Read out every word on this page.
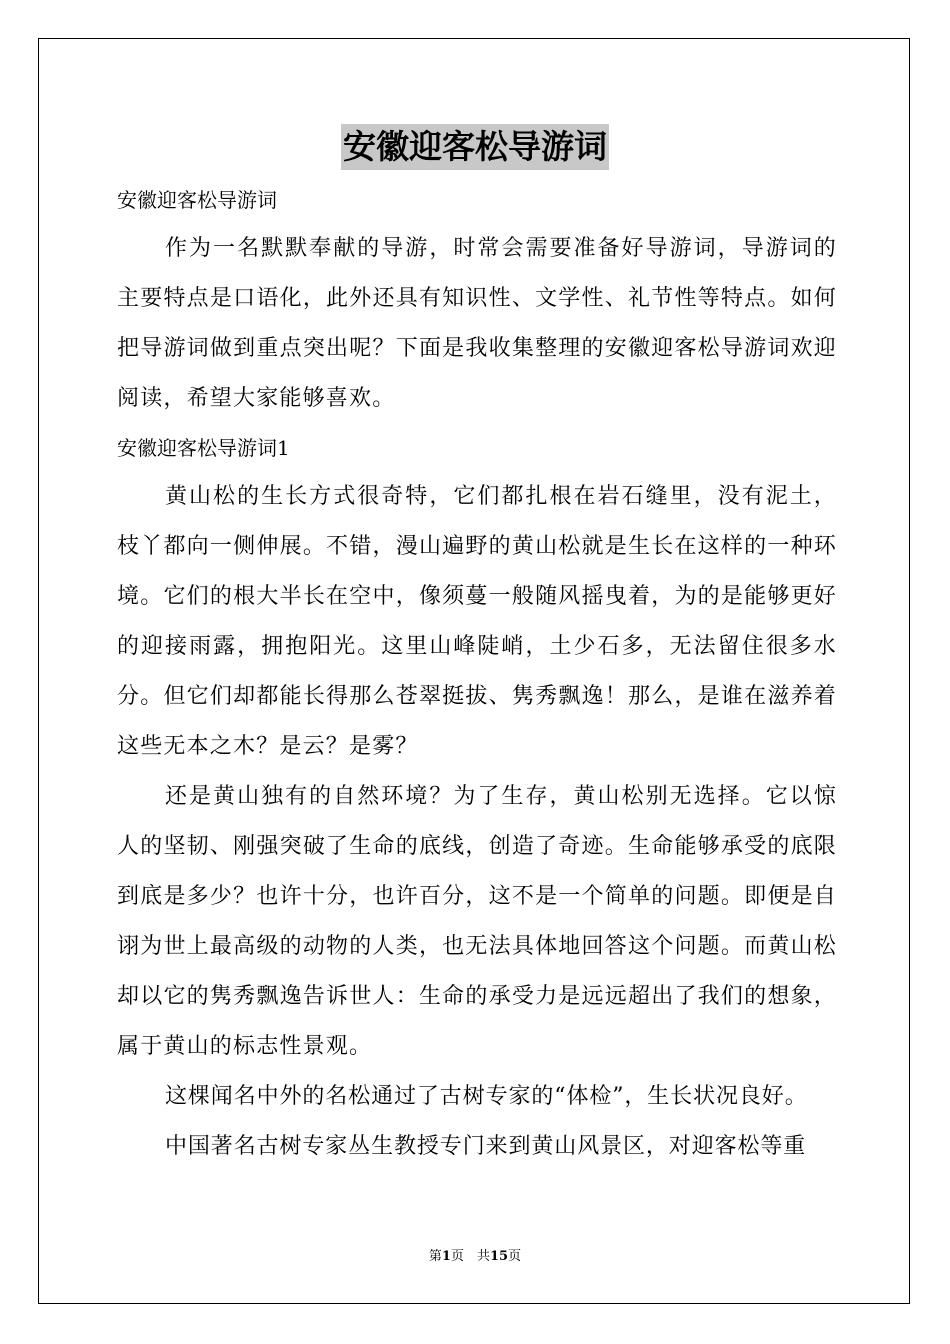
安徽迎客松导游词

安徽迎客松导游词

作为一名默默奉献的导游，时常会需要准备好导游词，导游词的主要特点是口语化，此外还具有知识性、文学性、礼节性等特点。如何把导游词做到重点突出呢？下面是我收集整理的安徽迎客松导游词欢迎阅读，希望大家能够喜欢。

安徽迎客松导游词1

黄山松的生长方式很奇特，它们都扎根在岩石缝里，没有泥土，枝丫都向一侧伸展。不错，漫山遍野的黄山松就是生长在这样的一种环境。它们的根大半长在空中，像须蔓一般随风摇曳着，为的是能够更好的迎接雨露，拥抱阳光。这里山峰陡峭，土少石多，无法留住很多水分。但它们却都能长得那么苍翠挺拔、隽秀飘逸！那么，是谁在滋养着这些无本之木？是云？是雾？

还是黄山独有的自然环境？为了生存，黄山松别无选择。它以惊人的坚韧、刚强突破了生命的底线，创造了奇迹。生命能够承受的底限到底是多少？也许十分，也许百分，这不是一个简单的问题。即便是自诩为世上最高级的动物的人类，也无法具体地回答这个问题。而黄山松却以它的隽秀飘逸告诉世人：生命的承受力是远远超出了我们的想象，属于黄山的标志性景观。

这棵闻名中外的名松通过了古树专家的“体检”，生长状况良好。

中国著名古树专家丛生教授专门来到黄山风景区，对迎客松等重

第1页　共15页
